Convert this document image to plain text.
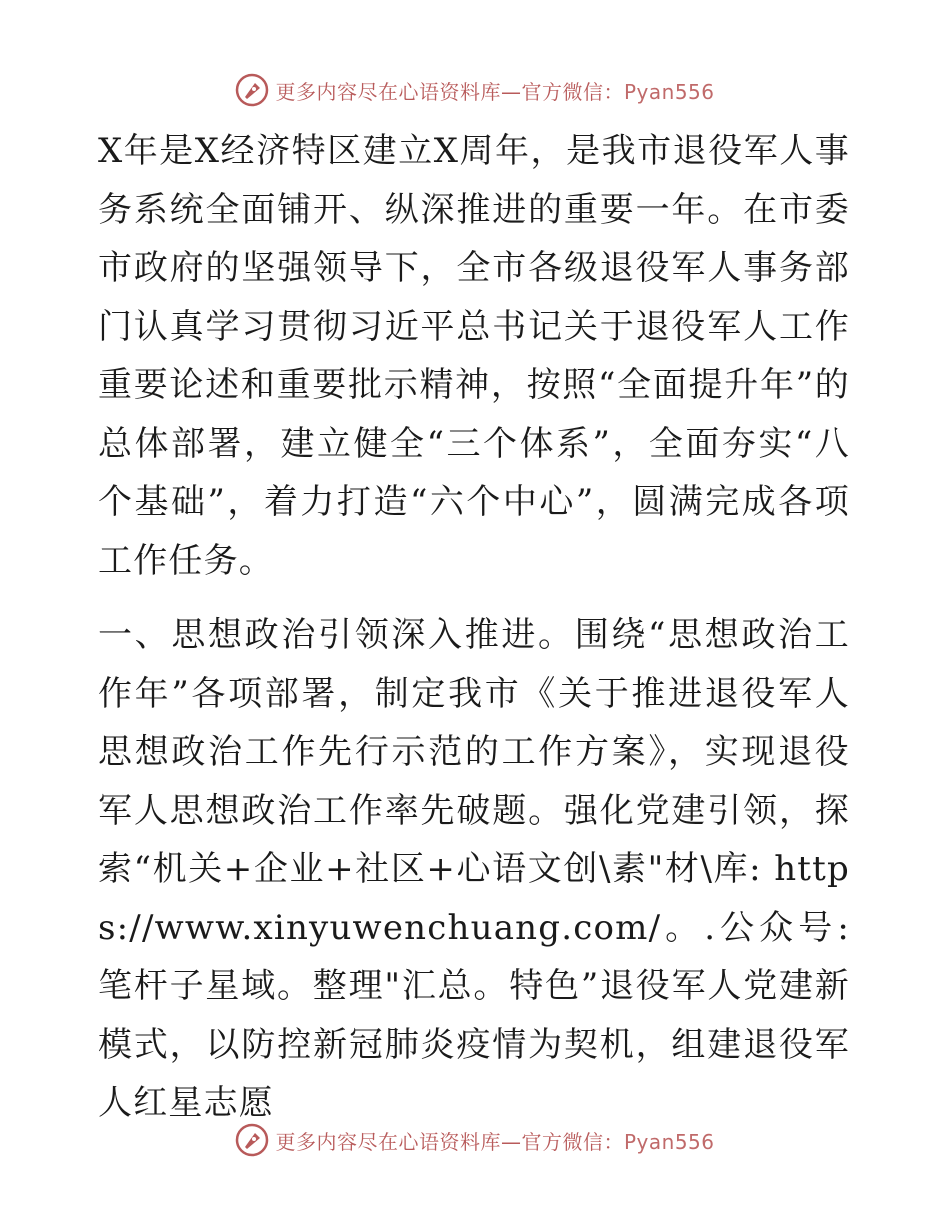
更多内容尽在心语资料库—官方微信：Pyan556

X年是X经济特区建立X周年，是我市退役军人事务系统全面铺开、纵深推进的重要一年。在市委市政府的坚强领导下，全市各级退役军人事务部门认真学习贯彻习近平总书记关于退役军人工作重要论述和重要批示精神，按照“全面提升年”的总体部署，建立健全“三个体系”，全面夯实“八个基础”，着力打造“六个中心”，圆满完成各项工作任务。

一、思想政治引领深入推进。围绕“思想政治工作年”各项部署，制定我市《关于推进退役军人思想政治工作先行示范的工作方案》，实现退役军人思想政治工作率先破题。强化党建引领，探索“机关+企业+社区+心语文创\素"材\库: https://www.xinyuwenchuang.com/。.公众号: 笔杆子星域。整理"汇总。特色”退役军人党建新模式，以防控新冠肺炎疫情为契机，组建退役军人红星志愿

更多内容尽在心语资料库—官方微信：Pyan556
